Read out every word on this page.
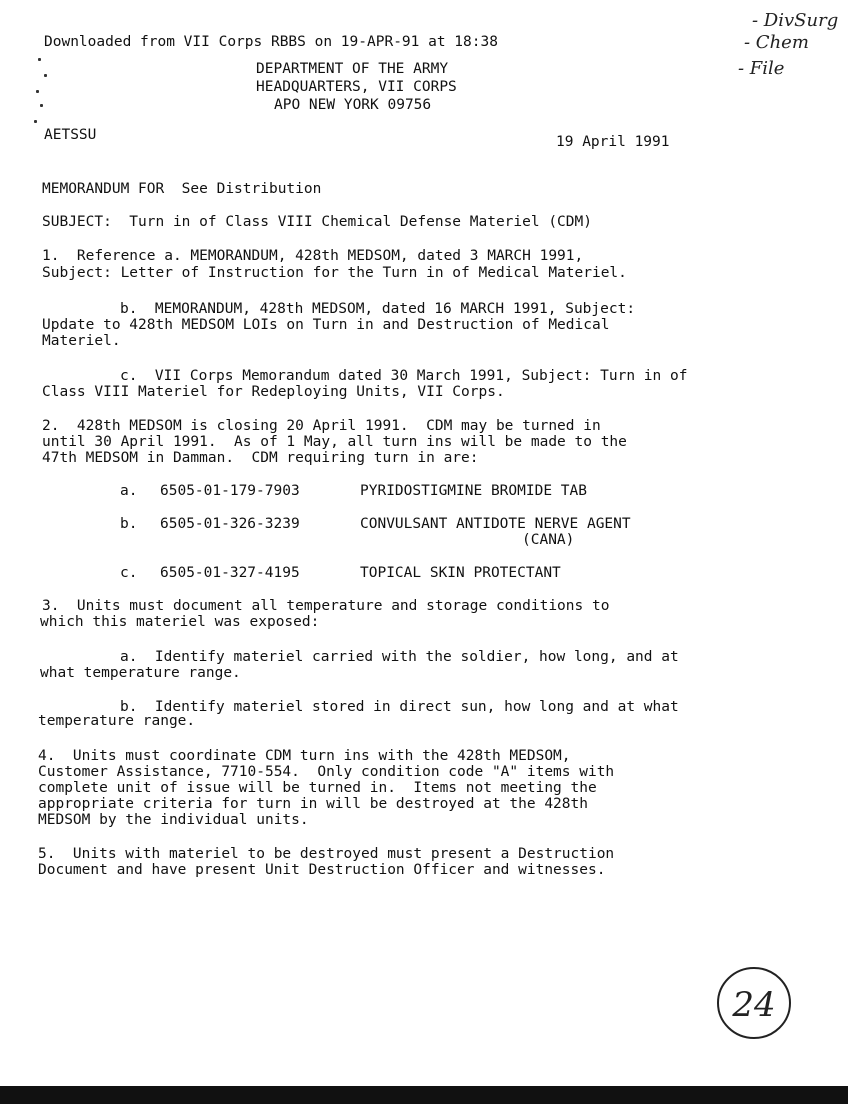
Downloaded from VII Corps RBBS on 19-APR-91 at 18:38
DEPARTMENT OF THE ARMY
HEADQUARTERS, VII CORPS
APO NEW YORK 09756
- DivSurg
- Chem
- File
AETSSU	19 April 1991
MEMORANDUM FOR  See Distribution
SUBJECT:  Turn in of Class VIII Chemical Defense Materiel (CDM)
1.  Reference a. MEMORANDUM, 428th MEDSOM, dated 3 MARCH 1991,
Subject: Letter of Instruction for the Turn in of Medical Materiel.
b.  MEMORANDUM, 428th MEDSOM, dated 16 MARCH 1991, Subject:
Update to 428th MEDSOM LOIs on Turn in and Destruction of Medical
Materiel.
c.  VII Corps Memorandum dated 30 March 1991, Subject: Turn in of
Class VIII Materiel for Redeploying Units, VII Corps.
2.  428th MEDSOM is closing 20 April 1991.  CDM may be turned in
until 30 April 1991.  As of 1 May, all turn ins will be made to the
47th MEDSOM in Damman.  CDM requiring turn in are:
a. 6505-01-179-7903	PYRIDOSTIGMINE BROMIDE TAB
b. 6505-01-326-3239	CONVULSANT ANTIDOTE NERVE AGENT
(CANA)
c. 6505-01-327-4195	TOPICAL SKIN PROTECTANT
3.  Units must document all temperature and storage conditions to
which this materiel was exposed:
a.  Identify materiel carried with the soldier, how long, and at
what temperature range.
b.  Identify materiel stored in direct sun, how long and at what
temperature range.
4.  Units must coordinate CDM turn ins with the 428th MEDSOM,
Customer Assistance, 7710-554.  Only condition code "A" items with
complete unit of issue will be turned in.  Items not meeting the
appropriate criteria for turn in will be destroyed at the 428th
MEDSOM by the individual units.
5.  Units with materiel to be destroyed must present a Destruction
Document and have present Unit Destruction Officer and witnesses.
24
